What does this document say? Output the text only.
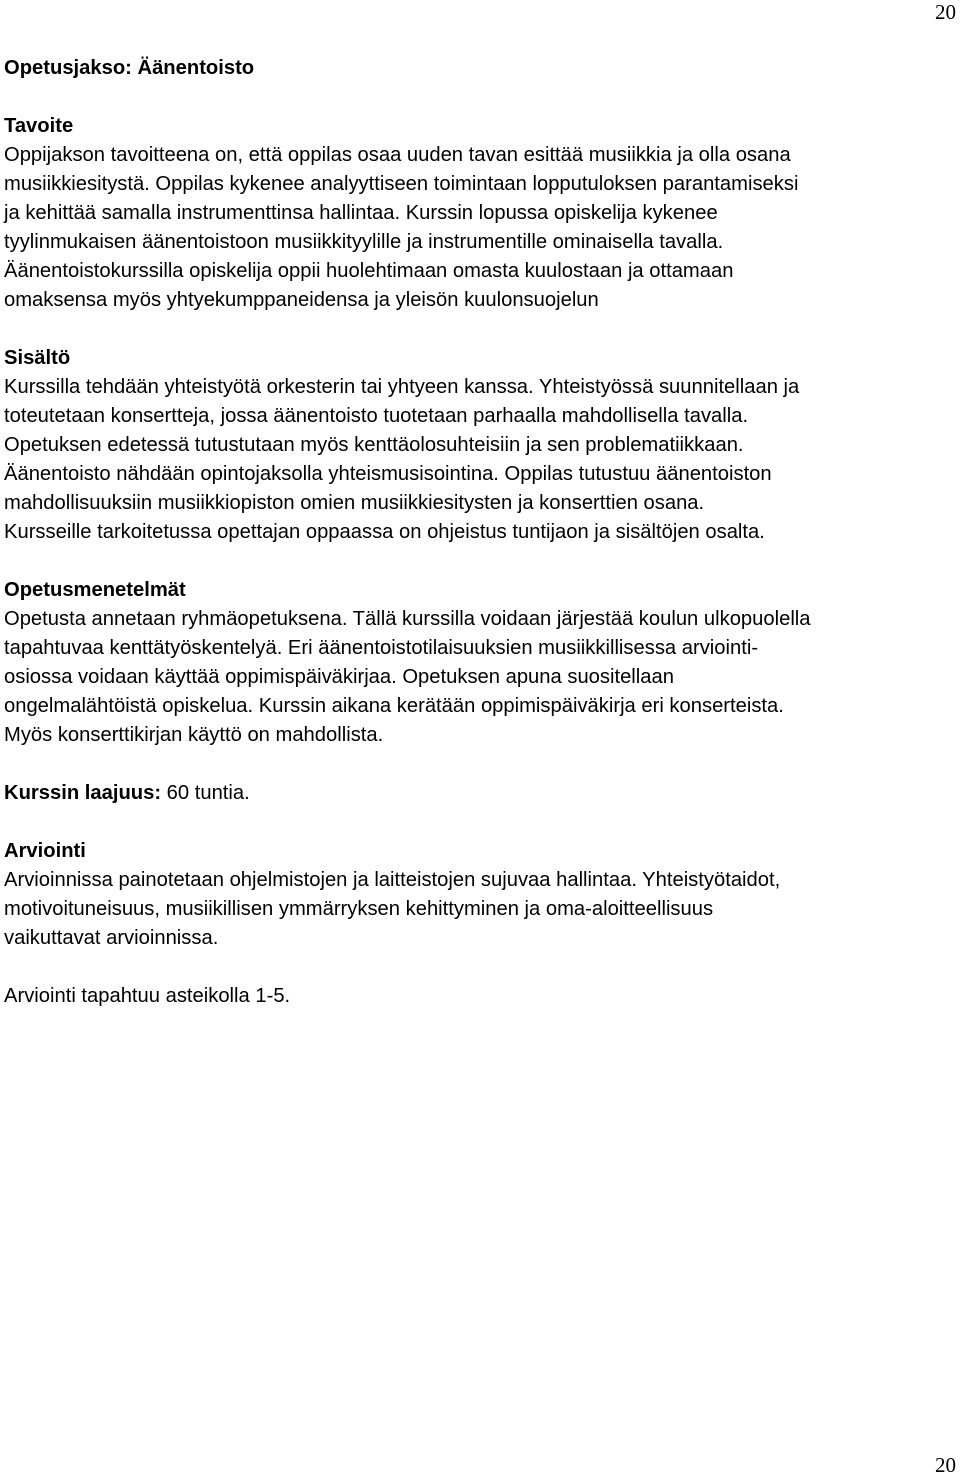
20
Opetusjakso: Äänentoisto
Tavoite

Oppijakson tavoitteena on, että oppilas osaa uuden tavan esittää musiikkia ja olla osana

musiikkiesitystä. Oppilas kykenee analyyttiseen toimintaan lopputuloksen parantamiseksi

ja kehittää samalla instrumenttinsa hallintaa. Kurssin lopussa opiskelija kykenee

tyylinmukaisen äänentoistoon musiikkityylille ja instrumentille ominaisella tavalla.

Äänentoistokurssilla opiskelija oppii huolehtimaan omasta kuulostaan ja ottamaan

omaksensa myös yhtyekumppaneidensa ja yleisön kuulonsuojelun

Sisältö

Kurssilla tehdään yhteistyötä orkesterin tai yhtyeen kanssa. Yhteistyössä suunnitellaan ja

toteutetaan konsertteja, jossa äänentoisto tuotetaan parhaalla mahdollisella tavalla.

Opetuksen edetessä tutustutaan myös kenttäolosuhteisiin ja sen problematiikkaan.

Äänentoisto nähdään opintojaksolla yhteismusisointina. Oppilas tutustuu äänentoiston

mahdollisuuksiin musiikkiopiston omien musiikkiesitysten ja konserttien osana.

Kursseille tarkoitetussa opettajan oppaassa on ohjeistus tuntijaon ja sisältöjen osalta.

Opetusmenetelmät

Opetusta annetaan ryhmäopetuksena. Tällä kurssilla voidaan järjestää koulun ulkopuolella

tapahtuvaa kenttätyöskentelyä. Eri äänentoistotilaisuuksien musiikkillisessa arviointi-

osiossa voidaan käyttää oppimispäiväkirjaa. Opetuksen apuna suositellaan

ongelmalähtöistä opiskelua. Kurssin aikana kerätään oppimispäiväkirja eri konserteista.

Myös konserttikirjan käyttö on mahdollista.

Kurssin laajuus: 60 tuntia.

Arviointi

Arvioinnissa painotetaan ohjelmistojen ja laitteistojen sujuvaa hallintaa. Yhteistyötaidot,

motivoituneisuus, musiikillisen ymmärryksen kehittyminen ja oma-aloitteellisuus

vaikuttavat arvioinnissa.

Arviointi tapahtuu asteikolla 1-5.

20
